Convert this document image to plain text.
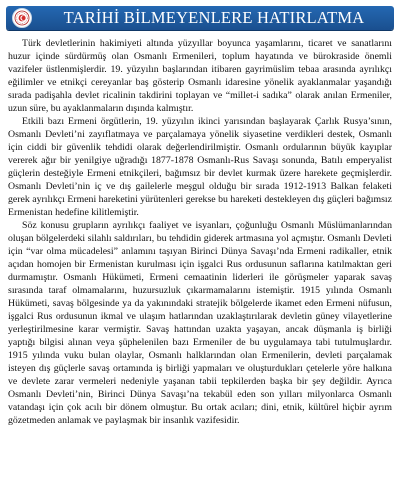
TARİHİ BİLMEYENLERE HATIRLATMA

Türk devletlerinin hakimiyeti altında yüzyıllar boyunca yaşamlarını, ticaret ve sanatlarını huzur içinde sürdürmüş olan Osmanlı Ermenileri, toplum hayatında ve bürokraside önemli vazifeler üstlenmişlerdir. 19. yüzyılın başlarından itibaren gayrimüslim tebaa arasında ayrılıkçı eğilimler ve etnikçi cereyanlar baş gösterip Osmanlı idaresine yönelik ayaklanmalar yaşandığı sırada padişahla devlet ricalinin takdirini toplayan ve “millet-i sadıka” olarak anılan Ermeniler, uzun süre, bu ayaklanmaların dışında kalmıştır.

Etkili bazı Ermeni örgütlerin, 19. yüzyılın ikinci yarısından başlayarak Çarlık Rusya’sının, Osmanlı Devleti’ni zayıflatmaya ve parçalamaya yönelik siyasetine verdikleri destek, Osmanlı için ciddi bir güvenlik tehdidi olarak değerlendirilmiştir. Osmanlı ordularının büyük kayıplar vererek ağır bir yenilgiye uğradığı 1877-1878 Osmanlı-Rus Savaşı sonunda, Batılı emperyalist güçlerin desteğiyle Ermeni etnikçileri, bağımsız bir devlet kurmak üzere harekete geçmişlerdir. Osmanlı Devleti’nin iç ve dış gailelerle meşgul olduğu bir sırada 1912-1913 Balkan felaketi gerek ayrılıkçı Ermeni hareketini yürütenleri gerekse bu hareketi destekleyen dış güçleri bağımsız Ermenistan hedefine kilitlemiştir.

Söz konusu grupların ayrılıkçı faaliyet ve isyanları, çoğunluğu Osmanlı Müslümanlarından oluşan bölgelerdeki silahlı saldırıları, bu tehdidin giderek artmasına yol açmıştır. Osmanlı Devleti için “var olma mücadelesi” anlamını taşıyan Birinci Dünya Savaşı’nda Ermeni radikaller, etnik açıdan homojen bir Ermenistan kurulması için işgalci Rus ordusunun saflarına katılmaktan geri durmamıştır. Osmanlı Hükümeti, Ermeni cemaatinin liderleri ile görüşmeler yaparak savaş sırasında taraf olmamalarını, huzursuzluk çıkarmamalarını istemiştir. 1915 yılında Osmanlı Hükümeti, savaş bölgesinde ya da yakınındaki stratejik bölgelerde ikamet eden Ermeni nüfusun, işgalci Rus ordusunun ikmal ve ulaşım hatlarından uzaklaştırılarak devletin güney vilayetlerine yerleştirilmesine karar vermiştir. Savaş hattından uzakta yaşayan, ancak düşmanla iş birliği yaptığı bilgisi alınan veya şüphelenilen bazı Ermeniler de bu uygulamaya tabi tutulmuşlardır. 1915 yılında vuku bulan olaylar, Osmanlı halklarından olan Ermenilerin, devleti parçalamak isteyen dış güçlerle savaş ortamında iş birliği yapmaları ve oluşturdukları çetelerle yöre halkına ve devlete zarar vermeleri nedeniyle yaşanan tabii tepkilerden başka bir şey değildir. Ayrıca Osmanlı Devleti’nin, Birinci Dünya Savaşı’na tekabül eden son yılları milyonlarca Osmanlı vatandaşı için çok acılı bir dönem olmuştur. Bu ortak acıları; dini, etnik, kültürel hiçbir ayrım gözetmeden anlamak ve paylaşmak bir insanlık vazifesidir.
